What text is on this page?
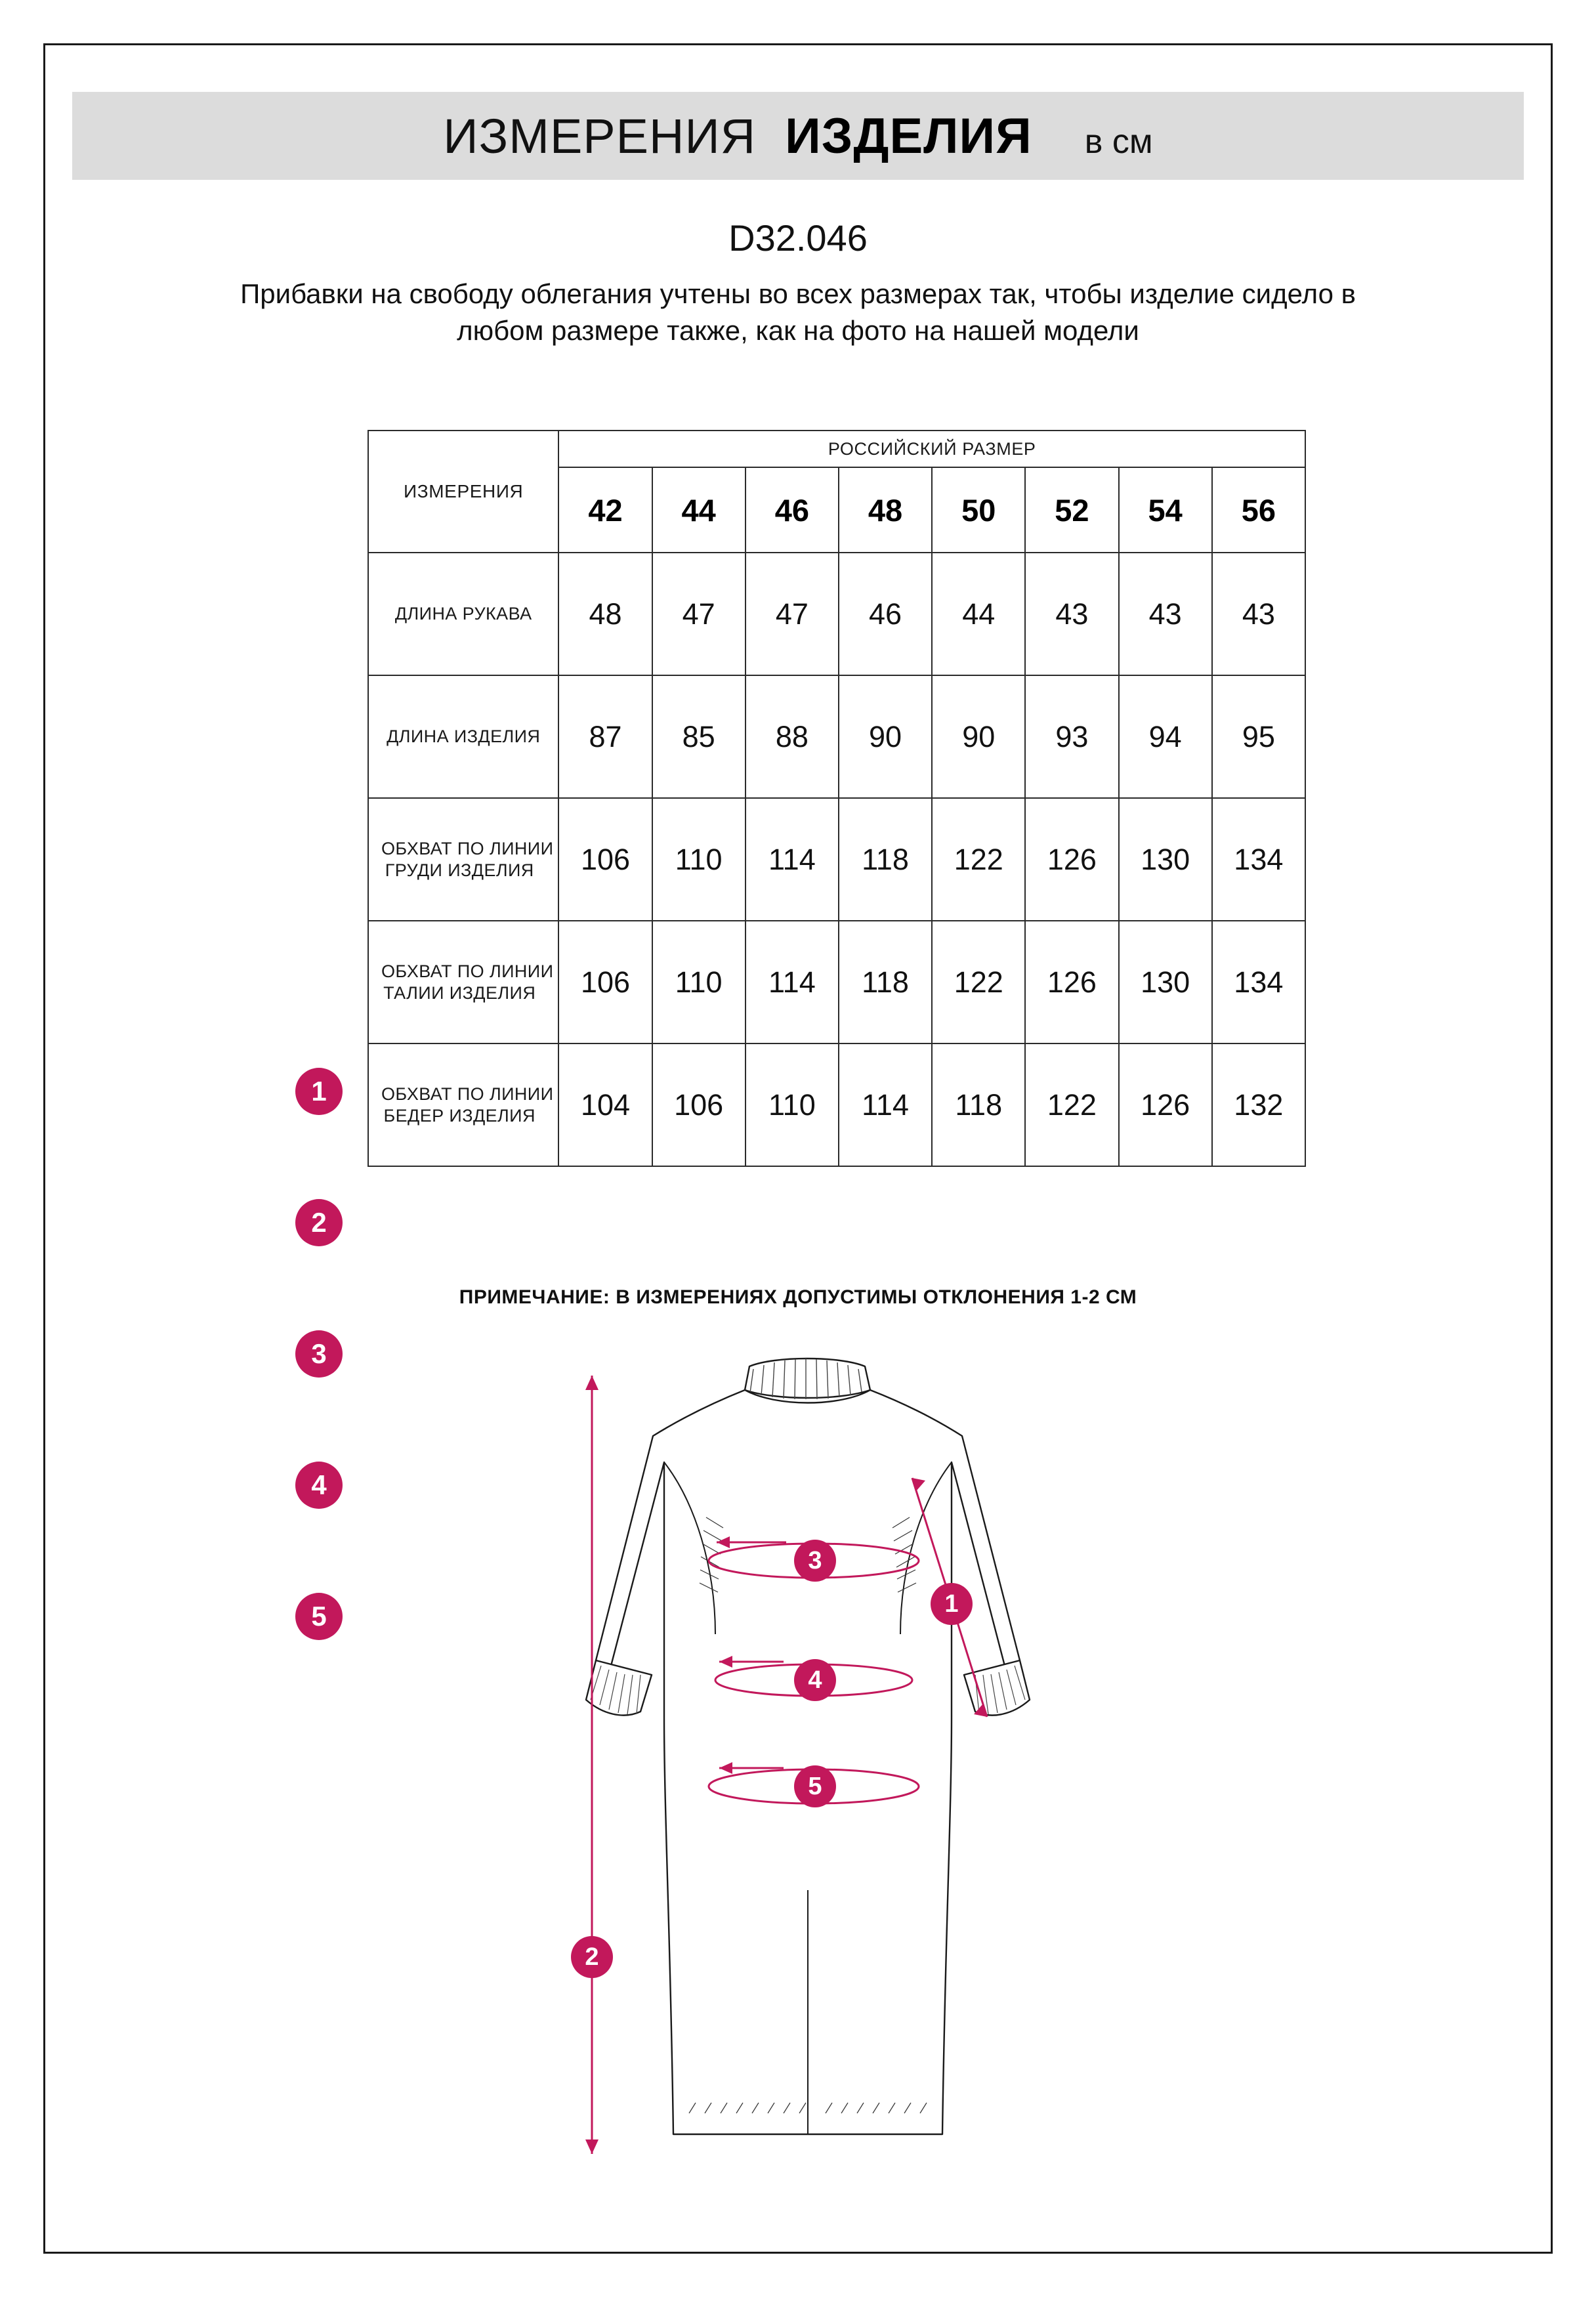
ИЗМЕРЕНИЯ ИЗДЕЛИЯ в см
D32.046
Прибавки на свободу облегания учтены во всех размерах так, чтобы изделие сидело в любом размере также, как на фото на нашей модели
ИЗМЕРЕНИЯ	РОССИЙСКИЙ РАЗМЕР							
	42	44	46	48	50	52	54	56
ДЛИНА РУКАВА	48	47	47	46	44	43	43	43
ДЛИНА ИЗДЕЛИЯ	87	85	88	90	90	93	94	95
ОБХВАТ ПО ЛИНИИ ГРУДИ ИЗДЕЛИЯ	106	110	114	118	122	126	130	134
ОБХВАТ ПО ЛИНИИ ТАЛИИ ИЗДЕЛИЯ	106	110	114	118	122	126	130	134
ОБХВАТ ПО ЛИНИИ БЕДЕР ИЗДЕЛИЯ	104	106	110	114	118	122	126	132
1
2
3
4
5
ПРИМЕЧАНИЕ: В ИЗМЕРЕНИЯХ ДОПУСТИМЫ ОТКЛОНЕНИЯ 1-2 СМ
3
1
4
5
2
